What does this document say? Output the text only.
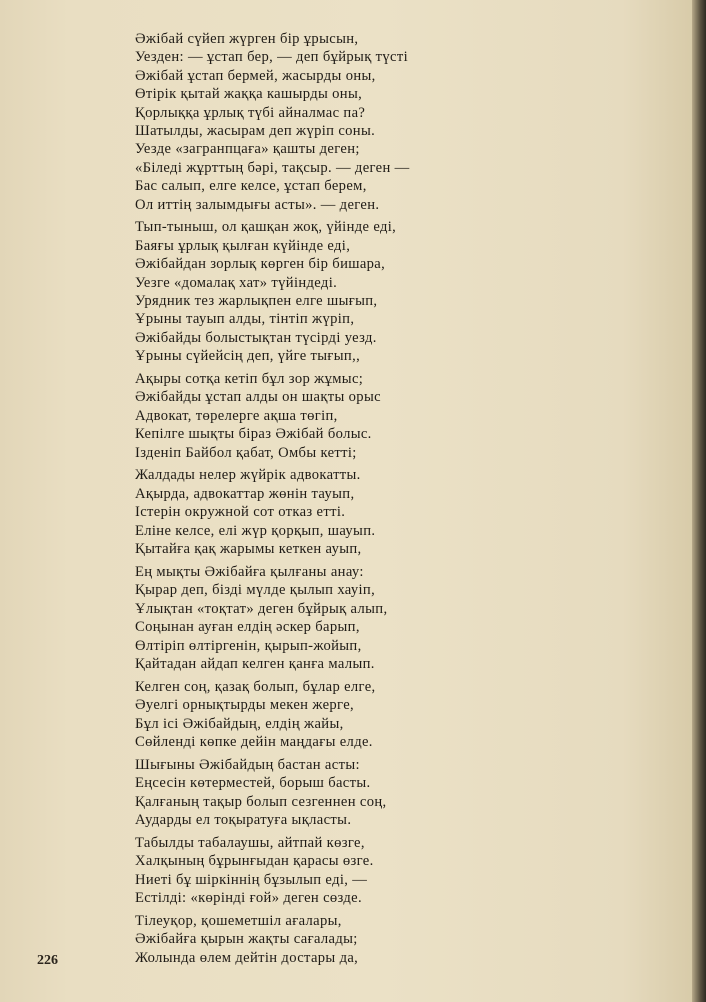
Әжібай сүйеп жүрген бір ұрысын,
Уезден: — ұстап бер, — деп бұйрық түсті
Әжібай ұстап бермей, жасырды оны,
Өтірік қытай жаққа кашырды оны,
Қорлыққа ұрлық түбі айналмас па?
Шатылды, жасырам деп жүріп соны.
Уезде «загранпцаға» қашты деген;
«Біледі жұрттың бәрі, тақсыр. — деген —
Бас салып, елге келсе, ұстап берем,
Ол иттің залымдығы асты». — деген.
Тып-тыныш, ол қашқан жоқ, үйінде еді,
Баяғы ұрлық қылған күйінде еді,
Әжібайдан зорлық көрген бір бишара,
Уезге «домалақ хат» түйіндеді.
Урядник тез жарлықпен елге шығып,
Ұрыны тауып алды, тінтіп жүріп,
Әжібайды болыстықтан түсірді уезд.
Ұрыны сүйейсің деп, үйге тығып,,
Ақыры сотқа кетіп бұл зор жұмыс;
Әжібайды ұстап алды он шақты орыс
Адвокат, төрелерге ақша төгіп,
Кепілге шықты біраз Әжібай болыс.
Ізденіп Байбол қабат, Омбы кетті;
Жалдады нелер жүйрік адвокатты.
Ақырда, адвокаттар жөнін тауып,
Істерін окружной сот отказ етті.
Еліне келсе, елі жүр қорқып, шауып.
Қытайға қақ жарымы кеткен ауып,
Ең мықты Әжібайға қылғаны анау:
Қырар деп, бізді мүлде қылып хауіп,
Ұлықтан «тоқтат» деген бұйрық алып,
Соңынан ауған елдің әскер барып,
Өлтіріп өлтіргенін, қырып-жойып,
Қайтадан айдап келген қанға малып.
Келген соң, қазақ болып, бұлар елге,
Әуелгі орнықтырды мекен жерге,
Бұл ісі Әжібайдың, елдің жайы,
Сөйленді көпке дейін маңдағы елде.
Шығыны Әжібайдың бастан асты:
Еңсесін көтерместей, борыш басты.
Қалғаның тақыр болып сезгеннен соң,
Аударды ел тоқыратуға ықласты.
Табылды табалаушы, айтпай көзге,
Халқының бұрынғыдан қарасы өзге.
Ниеті бұ шіркіннің бұзылып еді, —
Естілді: «көрінді ғой» деген сөзде.
Тілеуқор, қошеметшіл ағалары,
Әжібайға қырын жақты сағалады;
Жолында өлем дейтін достары да,
226
